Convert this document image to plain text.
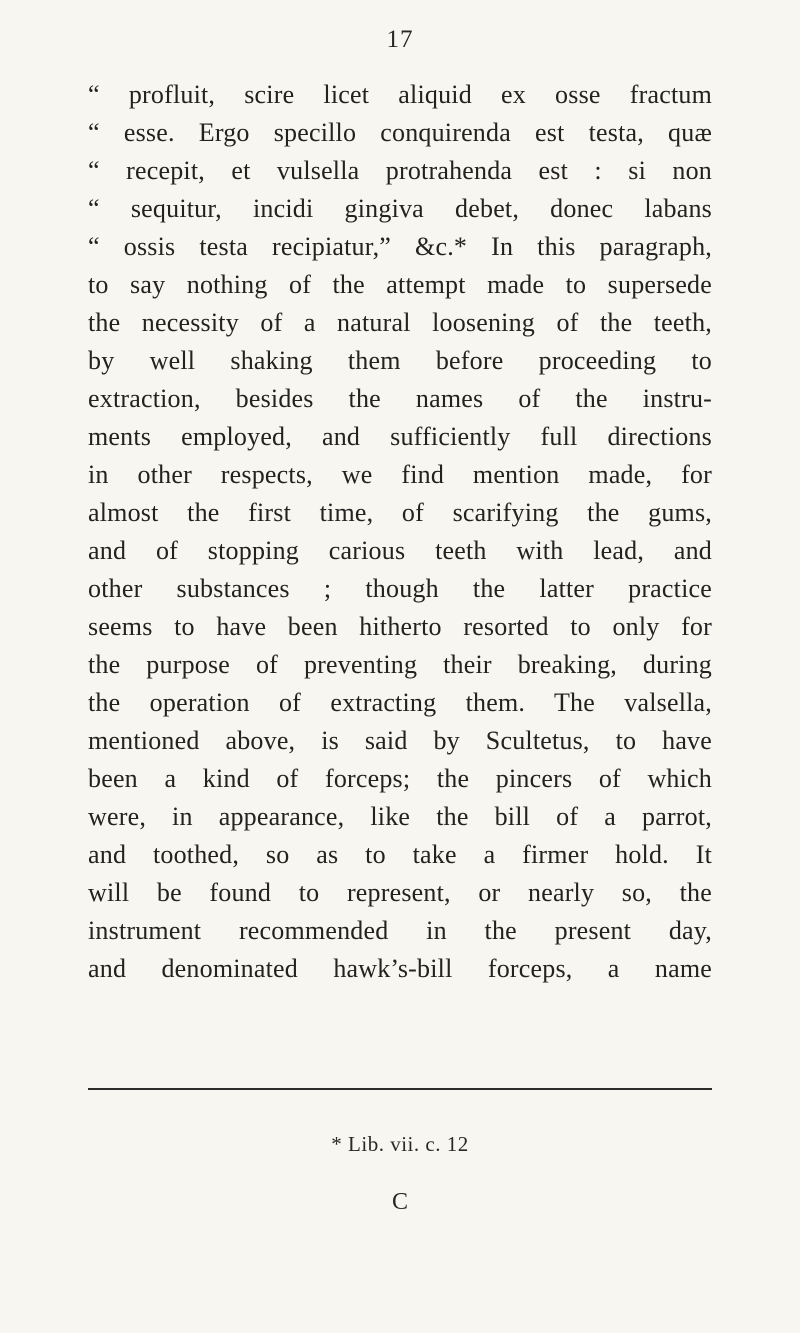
17
“ profluit, scire licet aliquid ex osse fractum
“ esse. Ergo specillo conquirenda est testa, quæ
“ recepit, et vulsella protrahenda est : si non
“ sequitur, incidi gingiva debet, donec labans
“ ossis testa recipiatur,” &c.* In this paragraph,
to say nothing of the attempt made to supersede
the necessity of a natural loosening of the teeth,
by well shaking them before proceeding to
extraction, besides the names of the instru-
ments employed, and sufficiently full directions
in other respects, we find mention made, for
almost the first time, of scarifying the gums,
and of stopping carious teeth with lead, and
other substances ; though the latter practice
seems to have been hitherto resorted to only for
the purpose of preventing their breaking, during
the operation of extracting them. The valsella,
mentioned above, is said by Scultetus, to have
been a kind of forceps; the pincers of which
were, in appearance, like the bill of a parrot,
and toothed, so as to take a firmer hold. It
will be found to represent, or nearly so, the
instrument recommended in the present day,
and denominated hawk’s-bill forceps, a name
* Lib. vii. c. 12
C
